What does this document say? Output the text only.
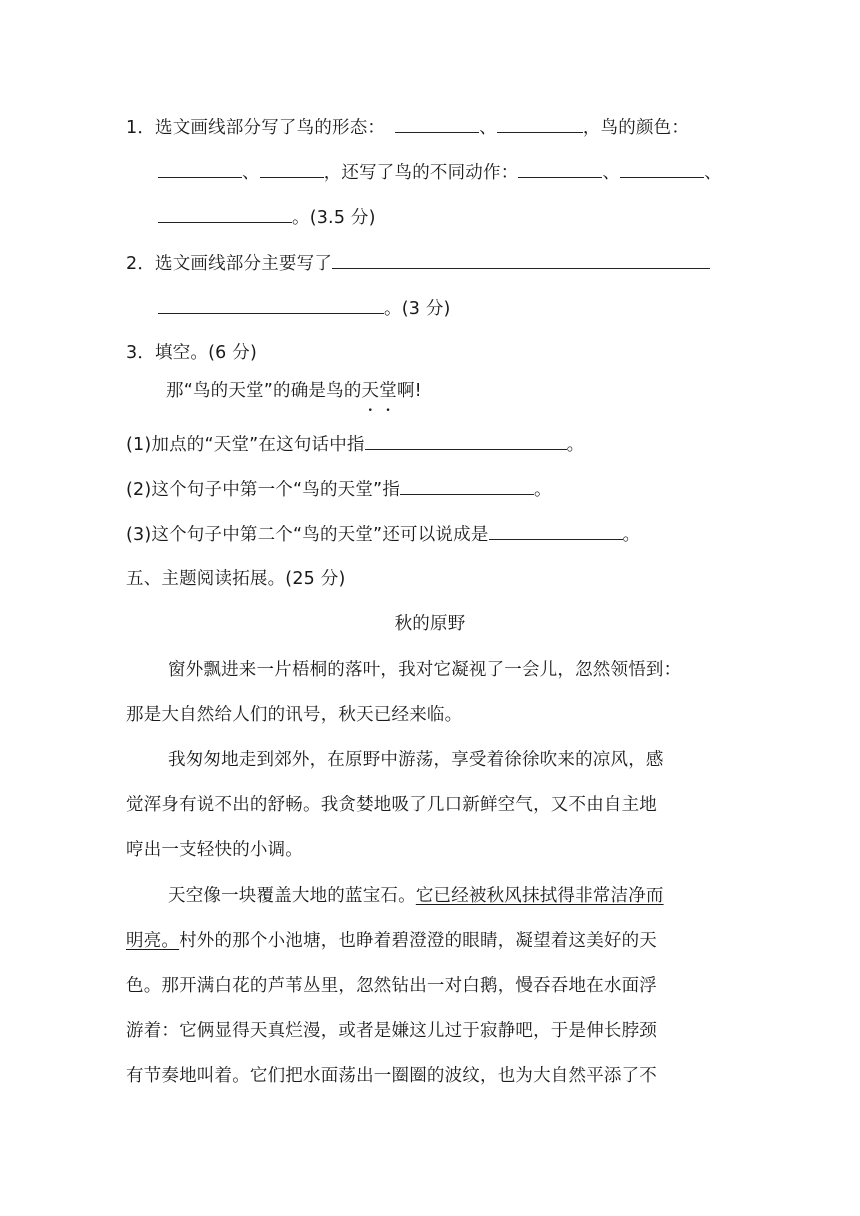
1．选文画线部分写了鸟的形态：	、	，鸟的颜色：
、	，还写了鸟的不同动作：	、	、
。(3.5 分)
2．选文画线部分主要写了
。(3 分)
3．填空。(6 分)
那“鸟的天堂”的确是鸟的天堂啊!
(1)加点的“天堂”在这句话中指	。
(2)这个句子中第一个“鸟的天堂”指	。
(3)这个句子中第二个“鸟的天堂”还可以说成是	。
五、主题阅读拓展。(25 分)
秋的原野
窗外飘进来一片梧桐的落叶，我对它凝视了一会儿，忽然领悟到：
那是大自然给人们的讯号，秋天已经来临。
我匆匆地走到郊外，在原野中游荡，享受着徐徐吹来的凉风，感
觉浑身有说不出的舒畅。我贪婪地吸了几口新鲜空气，又不由自主地
哼出一支轻快的小调。
天空像一块覆盖大地的蓝宝石。它已经被秋风抹拭得非常洁净而
明亮。村外的那个小池塘，也睁着碧澄澄的眼睛，凝望着这美好的天
色。那开满白花的芦苇丛里，忽然钻出一对白鹅，慢吞吞地在水面浮
游着：它俩显得天真烂漫，或者是嫌这儿过于寂静吧，于是伸长脖颈
有节奏地叫着。它们把水面荡出一圈圈的波纹，也为大自然平添了不
